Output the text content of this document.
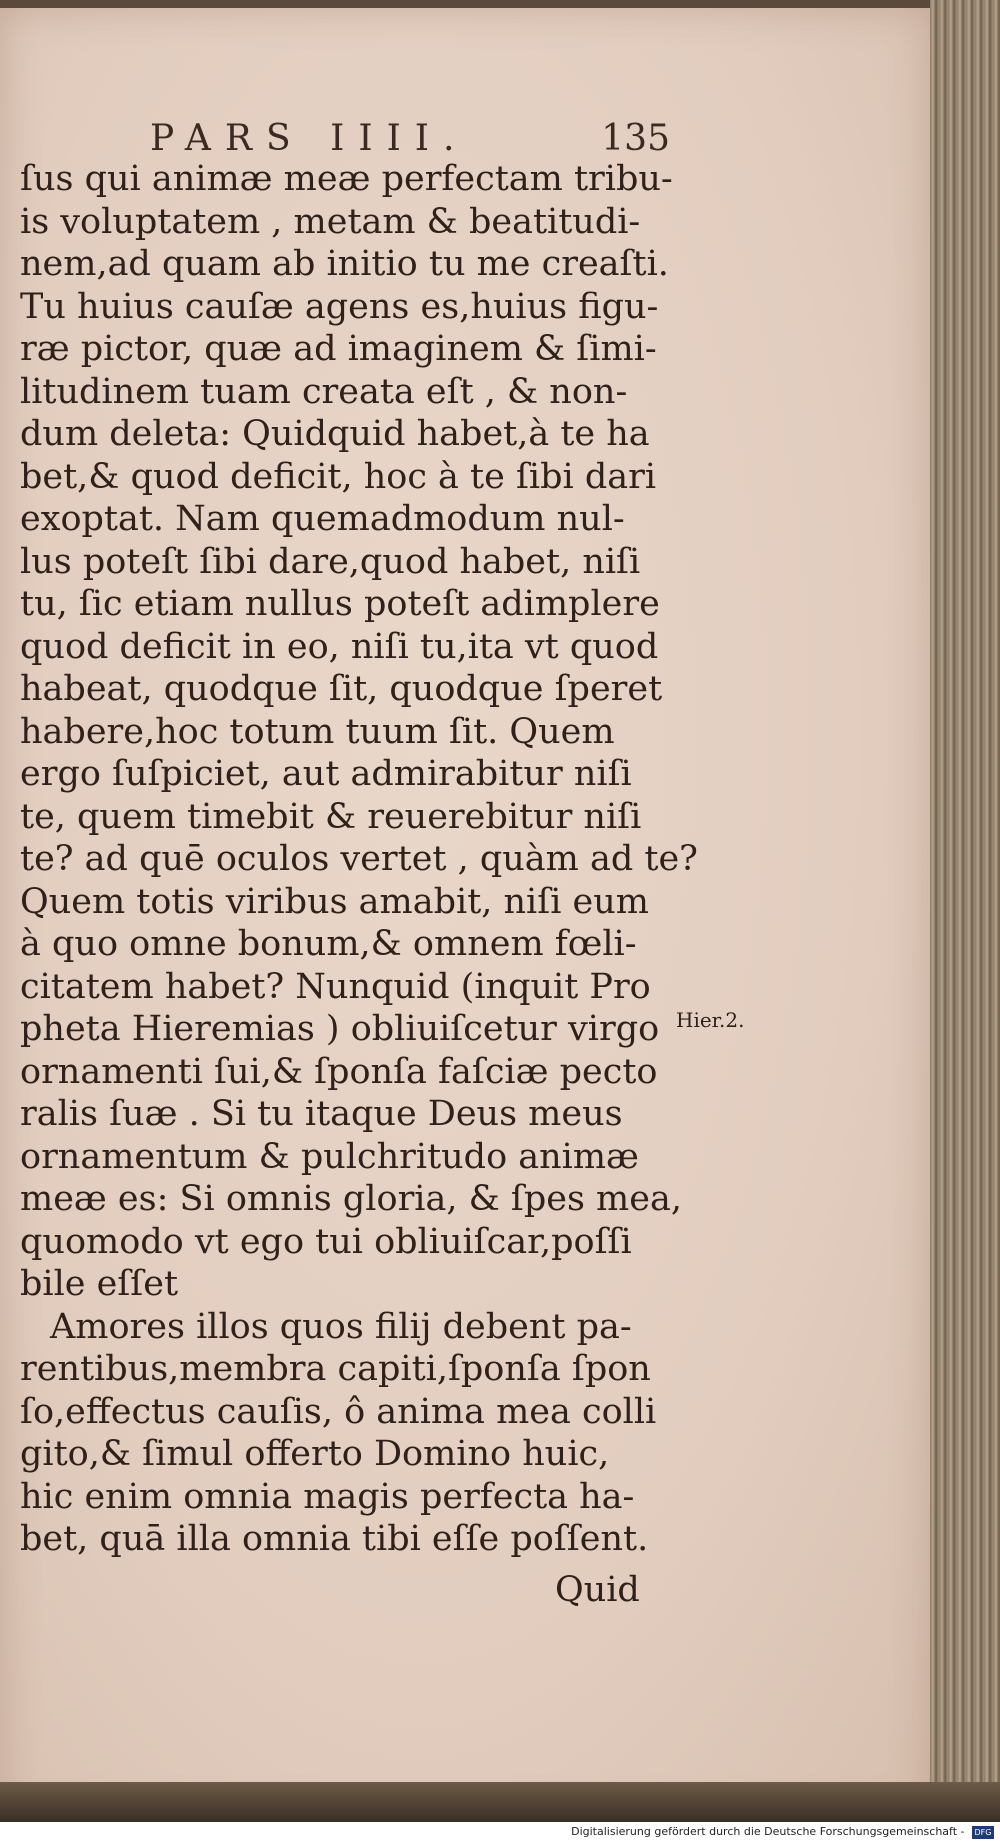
PARS IIII.	135
ſus qui animæ meæ perfectam tribu-
is voluptatem , metam & beatitudi-
nem,ad quam ab initio tu me creaſti.
Tu huius cauſæ agens es,huius figu-
ræ pictor, quæ ad imaginem & ſimi-
litudinem tuam creata eſt , & non-
dum deleta: Quidquid habet,à te ha
bet,& quod deficit, hoc à te ſibi dari
exoptat. Nam quemadmodum nul-
lus poteſt ſibi dare,quod habet, niſi
tu, ſic etiam nullus poteſt adimplere
quod deficit in eo, niſi tu,ita vt quod
habeat, quodque ſit, quodque ſperet
habere,hoc totum tuum ſit. Quem
ergo ſuſpiciet, aut admirabitur niſi
te, quem timebit & reuerebitur niſi
te? ad quē oculos vertet , quàm ad te?
Quem totis viribus amabit, niſi eum
à quo omne bonum,& omnem fœli-
citatem habet? Nunquid (inquit Pro
pheta Hieremias ) obliuiſcetur virgo
ornamenti ſui,& ſponſa faſciæ pecto
ralis ſuæ . Si tu itaque Deus meus
ornamentum & pulchritudo animæ
meæ es: Si omnis gloria, & ſpes mea,
quomodo vt ego tui obliuiſcar,poſſi
bile eſſet
Amores illos quos filij debent pa-
rentibus,membra capiti,ſponſa ſpon
ſo,effectus cauſis, ô anima mea colli
gito,& ſimul offerto Domino huic,
hic enim omnia magis perfecta ha-
bet, quā illa omnia tibi eſſe poſſent.
Hier.2.
Quid
Digitalisierung gefördert durch die Deutsche Forschungsgemeinschaft - DFG
